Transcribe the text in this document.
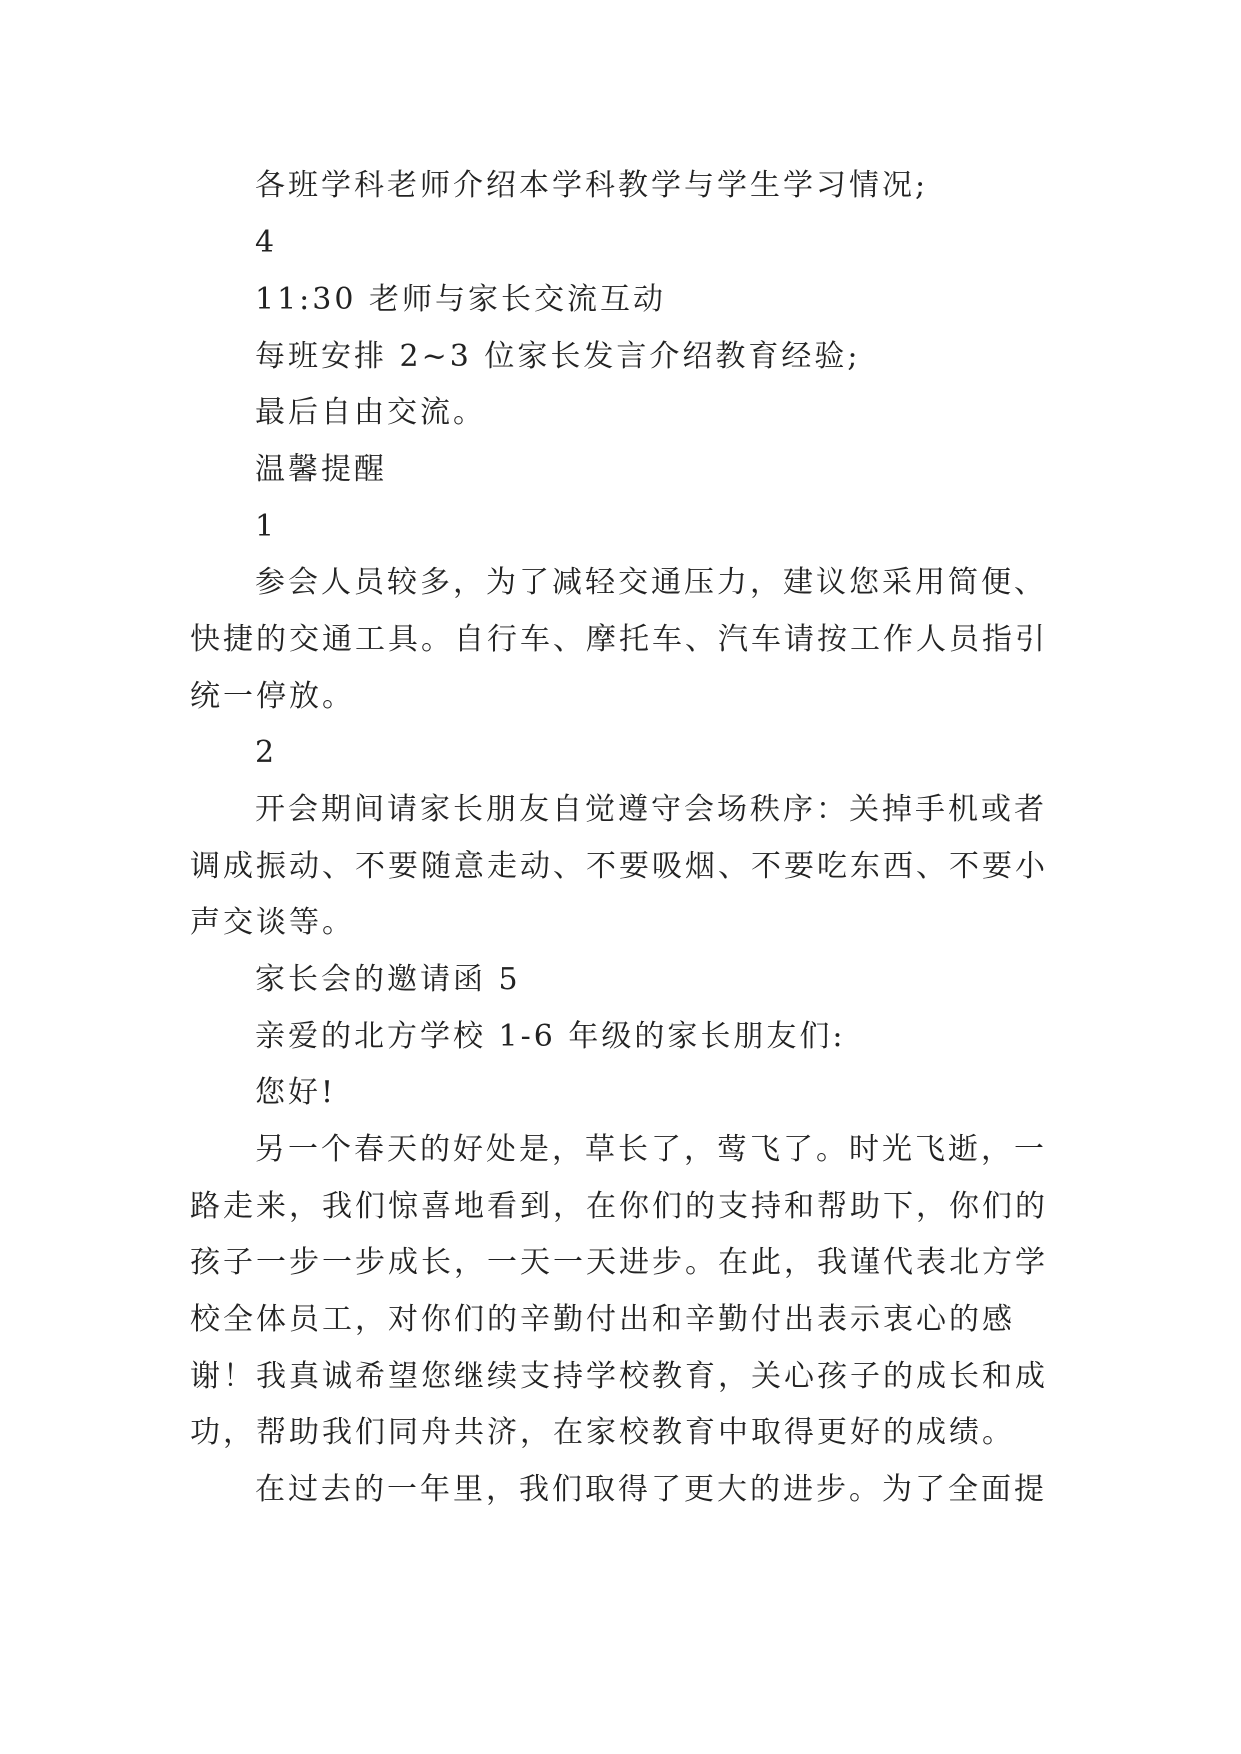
各班学科老师介绍本学科教学与学生学习情况;
4
11:30 老师与家长交流互动
每班安排 2~3 位家长发言介绍教育经验;
最后自由交流。
温馨提醒
1
参会人员较多，为了减轻交通压力，建议您采用简便、
快捷的交通工具。自行车、摩托车、汽车请按工作人员指引
统一停放。
2
开会期间请家长朋友自觉遵守会场秩序：关掉手机或者
调成振动、不要随意走动、不要吸烟、不要吃东西、不要小
声交谈等。
家长会的邀请函 5
亲爱的北方学校 1-6 年级的家长朋友们:
您好!
另一个春天的好处是，草长了，莺飞了。时光飞逝，一
路走来，我们惊喜地看到，在你们的支持和帮助下，你们的
孩子一步一步成长，一天一天进步。在此，我谨代表北方学
校全体员工，对你们的辛勤付出和辛勤付出表示衷心的感
谢！我真诚希望您继续支持学校教育，关心孩子的成长和成
功，帮助我们同舟共济，在家校教育中取得更好的成绩。
在过去的一年里，我们取得了更大的进步。为了全面提
